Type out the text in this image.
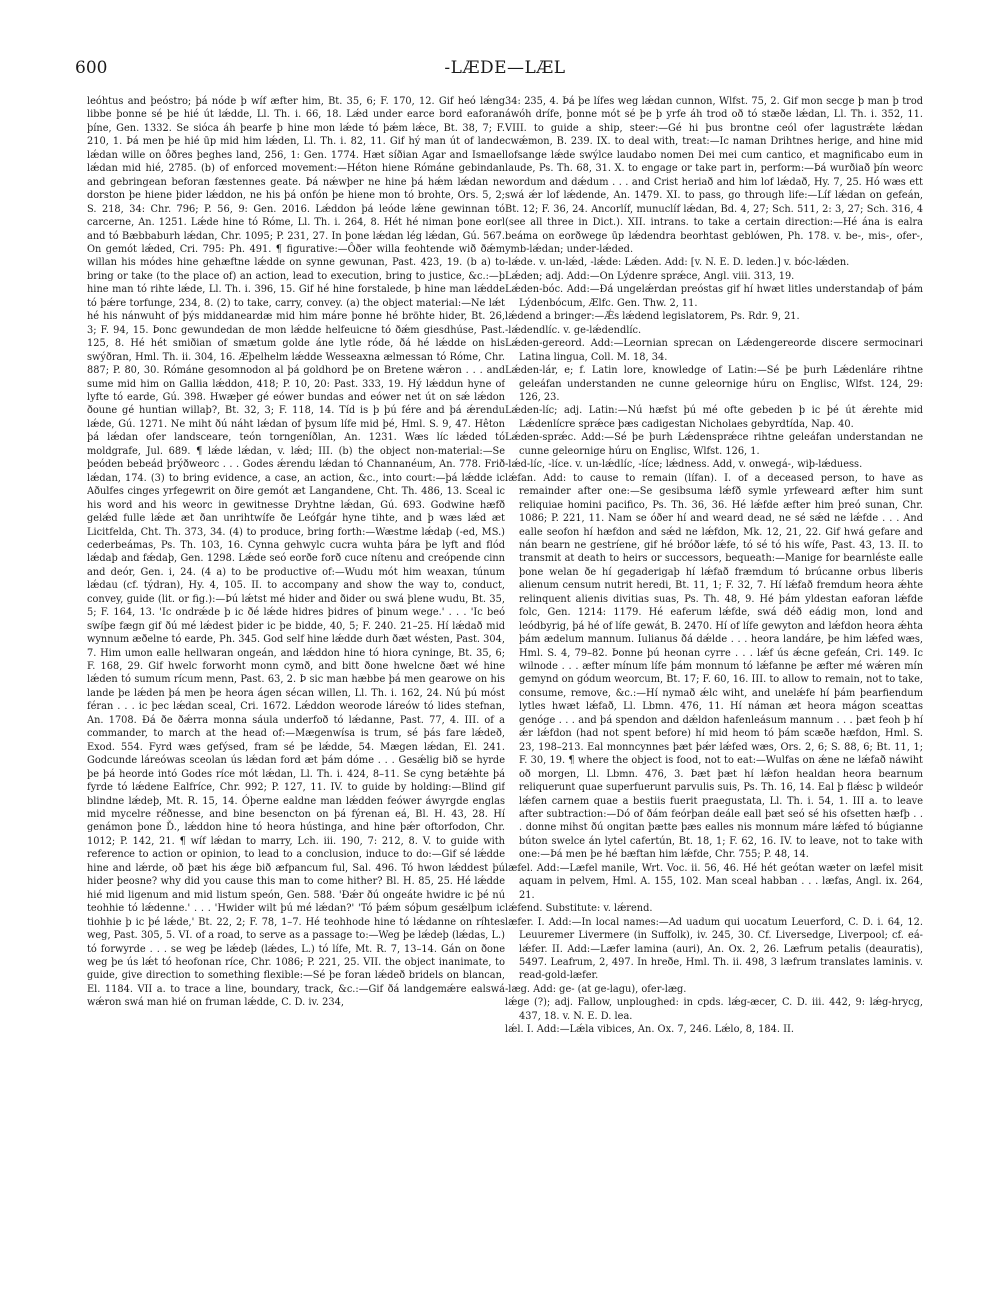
600	-LÆDE—LÆL

leóhtus and þeóstro; þá nóde þ wíf æfter him, Bt. 35, 6; F. 170, 12. Gif heó lǽng libbe þonne sé þe hié út lǽdde, Ll. Th. i. 66, 18. Lǽd under earce bord eaforan þíne, Gen. 1332. Se sióca áh þearfe þ hine mon lǽde tó þǽm lǽce, Bt. 38, 7; F. 210, 1. Þá men þe hié ūp mid him lǽden, Ll. Th. i. 82, 11. Gif hý man út of lande lǽdan wille on ôðres þeghes land, 256, 1: Gen. 1774. Hæt síðian Agar and Ismael lǽdan mid hié, 2785. (b) of enforced movement:—Héton hiene Rómáne gebindan and gebringean beforan fæstennes geate. Þá nǽwþer ne hine þá hǽm lǽdan ne dorston þe hiene þider lǽddon, ne his þá onfón þe hiene mon tó brohte, Ors. 5, 2; S. 218, 34: Chr. 796; P. 56, 9: Gen. 2016. Lǽddon þá leóde lǽne gewinnan tó carcerne, An. 1251. Lǽde hine tó Róme, Ll. Th. i. 264, 8. Hét hé niman þone eorl and tó Bæbbaburh lǽdan, Chr. 1095; P. 231, 27. In þone lǽdan lég lǽdan, Gú. 567. On gemót lǽded, Cri. 795: Ph. 491. ¶ figurative:—Ôðer willa feohtende wið ðǽm willan his módes hine gehæftne lǽdde on synne gewunan, Past. 423, 19. (b a) to bring or take (to the place of) an action, lead to execution, bring to justice, &c.:—þ hine man tó rihte lǽde, Ll. Th. i. 396, 15. Gif hé hine forstalede, þ hine man lǽdde tó þǽre torfunge, 234, 8. (2) to take, carry, convey. (a) the object material:—Ne lǽt hé his nánwuht of þýs middaneardæ mid him máre þonne hé bröhte hider, Bt. 26, 3; F. 94, 15. Þonc gewundedan de mon lǽdde helfeuicne tó ðǽm giesdhúse, Past. 125, 8. Hé hét smiðian of smætum golde áne lytle róde, ðá hé lǽdde on his swýðran, Hml. Th. ii. 304, 16. Æþelhelm lǽdde Wesseaxna ælmessan tó Róme, Chr. 887; P. 80, 30. Rómáne gesomnodon al þá goldhord þe on Bretene wǽron . . . and sume mid him on Gallia lǽddon, 418; P. 10, 20: Past. 333, 19. Hý lǽddun hyne of lyfte tó earde, Gú. 398. Hwæþer gé eówer bundas and eówer net út on sǽ lǽdon ðoune gé huntian willaþ?, Bt. 32, 3; F. 118, 14. Tíd is þ þú fére and þá ǽrendu lǽde, Gú. 1271. Ne miht ðú náht lǽdan of þysum lífe mid þé, Hml. S. 9, 47. Hêton þá lǽdan ofer landsceare, teón torngeníðlan, An. 1231. Wæs líc lǽded tó moldgrafe, Jul. 689. ¶ lǽde lǽdan, v. lǽd; III. (b) the object non-material:—Se þeóden bebeád þrýðweorc . . . Godes ǽrendu lǽdan tó Channanéum, An. 778. Frið lǽdan, 174. (3) to bring evidence, a case, an action, &c., into court:—þá lǽdde ic Aðulfes cinges yrfegewrit on ðire gemót æt Langandene, Cht. Th. 486, 13. Sceal ic his word and his weorc in gewitnesse Dryhtne lǽdan, Gú. 693. Godwine hæfð gelǽd fulle lǽde æt ðan unrihtwífe ðe Leófgár hyne tihte, and þ wæs lǽd æt Licitfelda, Cht. Th. 373, 34. (4) to produce, bring forth:—Wæstme lǽdaþ (-ed, MS.) cederbeámas, Ps. Th. 103, 16. Cynna gehwylc cucra wuhta þára þe lyft and flód lǽdaþ and fǽdaþ, Gen. 1298. Lǽde seó eorðe forð cuce nítenu and creópende cinn and deór, Gen. i, 24. (4 a) to be productive of:—Wudu mót him weaxan, túnum lǽdau (cf. týdran), Hy. 4, 105. II. to accompany and show the way to, conduct, convey, guide (lit. or fig.):—Þú lǽtst mé hider and ðider ou swá þlene wudu, Bt. 35, 5; F. 164, 13. 'Ic ondrǽde þ ic ðé lǽde hidres þidres of þinum wege.' . . . 'Ic beó swíþe fægn gif ðú mé lǽdest þider ic þe bidde, 40, 5; F. 240. 21–25. Hí lǽdað mid wynnum æðelne tó earde, Ph. 345. God self hine lǽdde durh ðæt wésten, Past. 304, 7. Him umon ealle hellwaran ongeán, and lǽddon hine tó hiora cyninge, Bt. 35, 6; F. 168, 29. Gif hwelc forworht monn cymð, and bitt ðone hwelcne ðæt wé hine lǽden tó sumum rícum menn, Past. 63, 2. Þ sic man hæbbe þá men gearowe on his lande þe lǽden þá men þe heora ágen sécan willen, Ll. Th. i. 162, 24. Nú þú móst féran . . . ic þec lǽdan sceal, Cri. 1672. Lǽddon weorode láreów tó lides stefnan, An. 1708. Ðá ðe ðǽrra monna sáula underfoð tó lǽdanne, Past. 77, 4. III. of a commander, to march at the head of:—Mægenwísa is trum, sé þás fare lǽdeð, Exod. 554. Fyrd wæs gefýsed, fram sé þe lǽdde, 54. Mægen lǽdan, El. 241. Godcunde láreówas sceolan ús lǽdan ford æt þám dóme . . . Gesǽlig bið se hyrde þe þá heorde intó Godes ríce mót lǽdan, Ll. Th. i. 424, 8–11. Se cyng betǽhte þá fyrde tó lǽdene Ealfríce, Chr. 992; P. 127, 11. IV. to guide by holding:—Blind gif blindne lǽdeþ, Mt. R. 15, 14. Óþerne ealdne man lǽdden feówer áwyrgde englas mid mycelre réðnesse, and bine besencton on þá fýrenan eá, Bl. H. 43, 28. Hí genámon þone Ď., lǽddon hine tó heora hústinga, and hine þǽr oftorfodon, Chr. 1012; P. 142, 21. ¶ wíf lǽdan to marry, Lch. iii. 190, 7: 212, 8. V. to guide with reference to action or opinion, to lead to a conclusion, induce to do:—Gif sé lǽdde hine and lǽrde, oð þæt his ǽge bið æfpancum ful, Sal. 496. Tó hwon lǽddest þú hider þeosne? why did you cause this man to come hither? Bl. H. 85, 25. Hé lǽdde hié mid ligenum and mid listum speón, Gen. 588. 'Ðǽr ðú ongeáte hwidre ic þé nú teohhie tó lǽdenne.' . . . 'Hwider wilt þú mé lǽdan?' 'Tó þǽm sóþum gesǽlþum ic tiohhie þ ic þé lǽde,' Bt. 22, 2; F. 78, 1–7. Hé teohhode hine tó lǽdanne on ríhtes weg, Past. 305, 5. VI. of a road, to serve as a passage to:—Weg þe lǽdeþ (lǽdas, L.) tó forwyrde . . . se weg þe lǽdeþ (lǽdes, L.) tó lífe, Mt. R. 7, 13–14. Gán on ðone weg þe ús lǽt tó heofonan ríce, Chr. 1086; P. 221, 25. VII. the object inanimate, to guide, give direction to something flexible:—Sé þe foran lǽdeð bridels on blancan, El. 1184. VII a. to trace a line, boundary, track, &c.:—Gif ðá landgemǽre ealswá wǽron swá man hié on fruman lǽdde, C. D. iv. 234,

34: 235, 4. Þá þe lífes weg lǽdan cunnon, Wlfst. 75, 2. Gif mon secge þ man þ trod áwóh drífe, þonne mót sé þe þ yrfe áh trod oð tó stæðe lǽdan, Ll. Th. i. 352, 11. VIII. to guide a ship, steer:—Gé hi þus brontne ceól ofer lagustrǽte lǽdan cwǽmon, B. 239. IX. to deal with, treat:—Ic naman Drihtnes herige, and hine mid lofsange lǽde swýlce laudabo nomen Dei mei cum cantico, et magnificabo eum in laude, Ps. Th. 68, 31. X. to engage or take part in, perform:—Þá wurðiað þín weorc wordum and dǽdum . . . and Crist heriað and him lof lǽdað, Hy. 7, 25. Hó wæs ett swá ǽr lof lǽdende, An. 1479. XI. to pass, go through life:—Líf lǽdan on gefeán, Bt. 12; F. 36, 24. Ancorlíf, munuclíf lǽdan, Bd. 4, 27; Sch. 511, 2: 3, 27; Sch. 316, 4 (see all three in Dict.). XII. intrans. to take a certain direction:—Hé ána is ealra beáma on eorðwege ūp lǽdendra beorhtast geblówen, Ph. 178. v. be-, mis-, ofer-, ymb-lǽdan; under-lǽded.

-lǽde. v. un-lǽd, -lǽde: Lǽden. Add: [v. N. E. D. leden.] v. bóc-lǽden.

Lǽden; adj. Add:—On Lýdenre sprǽce, Angl. viii. 313, 19.

Lǽden-bóc. Add:—Ðá ungelǽrdan preóstas gif hí hwæt litles understandaþ of þám Lýdenbócum, Ælfc. Gen. Thw. 2, 11.

lǽdend a bringer:—Ǽs lǽdend legislatorem, Ps. Rdr. 9, 21.

-lǽdendlíc. v. ge-lǽdendlíc.

Lǽden-gereord. Add:—Leornian sprecan on Lǽdengereorde discere sermocinari Latina lingua, Coll. M. 18, 34.

Lǽden-lár, e; f. Latin lore, knowledge of Latin:—Sé þe þurh Lǽdenláre rihtne geleáfan understanden ne cunne geleornige húru on Englisc, Wlfst. 124, 29: 126, 23.

Lǽden-líc; adj. Latin:—Nú hæfst þú mé ofte gebeden þ ic þé út ǽrehte mid Lǽdenlícre sprǽce þæs cadigestan Nicholaes gebyrdtída, Nap. 40.

Lǽden-sprǽc. Add:—Sé þe þurh Lǽdensprǽce rihtne geleáfan understandan ne cunne geleornige húru on Englisc, Wlfst. 126, 1.

-lǽd-líc, -líce. v. un-lǽdlíc, -líce; lǽdness. Add, v. onwegá-, wiþ-lǽduess.

lǽfan. Add: to cause to remain (lífan). I. of a deceased person, to have as remainder after one:—Se gesibsuma lǽfð symle yrfeweard æfter him sunt reliquiae homini pacifico, Ps. Th. 36, 36. Hé lǽfde æfter him þreó sunan, Chr. 1086; P. 221, 11. Nam se óðer hí and weard dead, ne sé sǽd ne lǽfde . . . And ealle seofon hí hæfdon and sǽd ne lǽfdon, Mk. 12, 21, 22. Gif hwá gefare and nán bearn ne gestríene, gif hé bróðor lǽfe, tó sé tó his wífe, Past. 43, 13. II. to transmit at death to heirs or successors, bequeath:—Manige for bearnléste ealle þone welan ðe hí gegaderigaþ hí lǽfað fræmdum tó brúcanne orbus liberis alienum censum nutrit heredi, Bt. 11, 1; F. 32, 7. Hí lǽfað fremdum heora ǽhte relinquent alienis divitias suas, Ps. Th. 48, 9. Hé þám yldestan eaforan lǽfde folc, Gen. 1214: 1179. Hé eaferum lǽfde, swá déð eádig mon, lond and leódbyrig, þá hé of lífe gewát, B. 2470. Hí of lífe gewyton and lǽfdon heora ǽhta þám ædelum mannum. Iulianus ðá dǽlde . . . heora landáre, þe him lǽfed wæs, Hml. S. 4, 79–82. Þonne þú heonan cyrre . . . lǽf ús ǽcne gefeán, Cri. 149. Ic wilnode . . . æfter mínum lífe þám monnum tó lǽfanne þe æfter mé wǽren mín gemynd on gódum weorcum, Bt. 17; F. 60, 16. III. to allow to remain, not to take, consume, remove, &c.:—Hí nymað ǽlc wiht, and unelǽfe hí þám þearfiendum lytles hwæt lǽfað, Ll. Lbmn. 476, 11. Hí náman æt heora mágon sceattas genóge . . . and þá spendon and dǽldon hafenleásum mannum . . . þæt feoh þ hí ǽr lǽfdon (had not spent before) hí mid heom tó þám scæðe hæfdon, Hml. S. 23, 198–213. Eal monncynnes þæt þǽr lǽfed wæs, Ors. 2, 6; S. 88, 6; Bt. 11, 1; F. 30, 19. ¶ where the object is food, not to eat:—Wulfas on ǽne ne lǽfað náwiht oð morgen, Ll. Lbmn. 476, 3. Þæt þæt hí lǽfon healdan heora bearnum reliquerunt quae superfuerunt parvulis suis, Ps. Th. 16, 14. Eal þ flǽsc þ wildeór lǽfen carnem quae a bestiis fuerit praegustata, Ll. Th. i. 54, 1. III a. to leave after subtraction:—Dó of ðám feórþan deále eall þæt seó sé his ofsetten hæfþ . . . donne mihst ðú ongitan þætte þæs ealles nis monnum máre lǽfed tó búgianne búton swelce án lytel cafertún, Bt. 18, 1; F. 62, 16. IV. to leave, not to take with one:—Þá men þe hé bæftan him lǽfde, Chr. 755; P. 48, 14.

læfel. Add:—Læfel manile, Wrt. Voc. ii. 56, 46. Hé hét geótan wæter on læfel misit aquam in pelvem, Hml. A. 155, 102. Man sceal habban . . . læfas, Angl. ix. 264, 21.

lǽfend. Substitute: v. lǽrend.

læfer. I. Add:—In local names:—Ad uadum qui uocatum Leuerford, C. D. i. 64, 12. Leuuremer Livermere (in Suffolk), iv. 245, 30. Cf. Liversedge, Liverpool; cf. eá-lǽfer. II. Add:—Læfer lamina (auri), An. Ox. 2, 26. Læfrum petalis (deauratis), 5497. Leafrum, 2, 497. In hreðe, Hml. Th. ii. 498, 3 læfrum translates laminis. v. read-gold-læfer.

-læg. Add: ge- (at ge-lagu), ofer-læg.

lǽge (?); adj. Fallow, unploughed: in cpds. lǽg-æcer, C. D. iii. 442, 9: lǽg-hrycg, 437, 18. v. N. E. D. lea.

lǽl. I. Add:—Lǽla vibices, An. Ox. 7, 246. Lǽlo, 8, 184. II.
